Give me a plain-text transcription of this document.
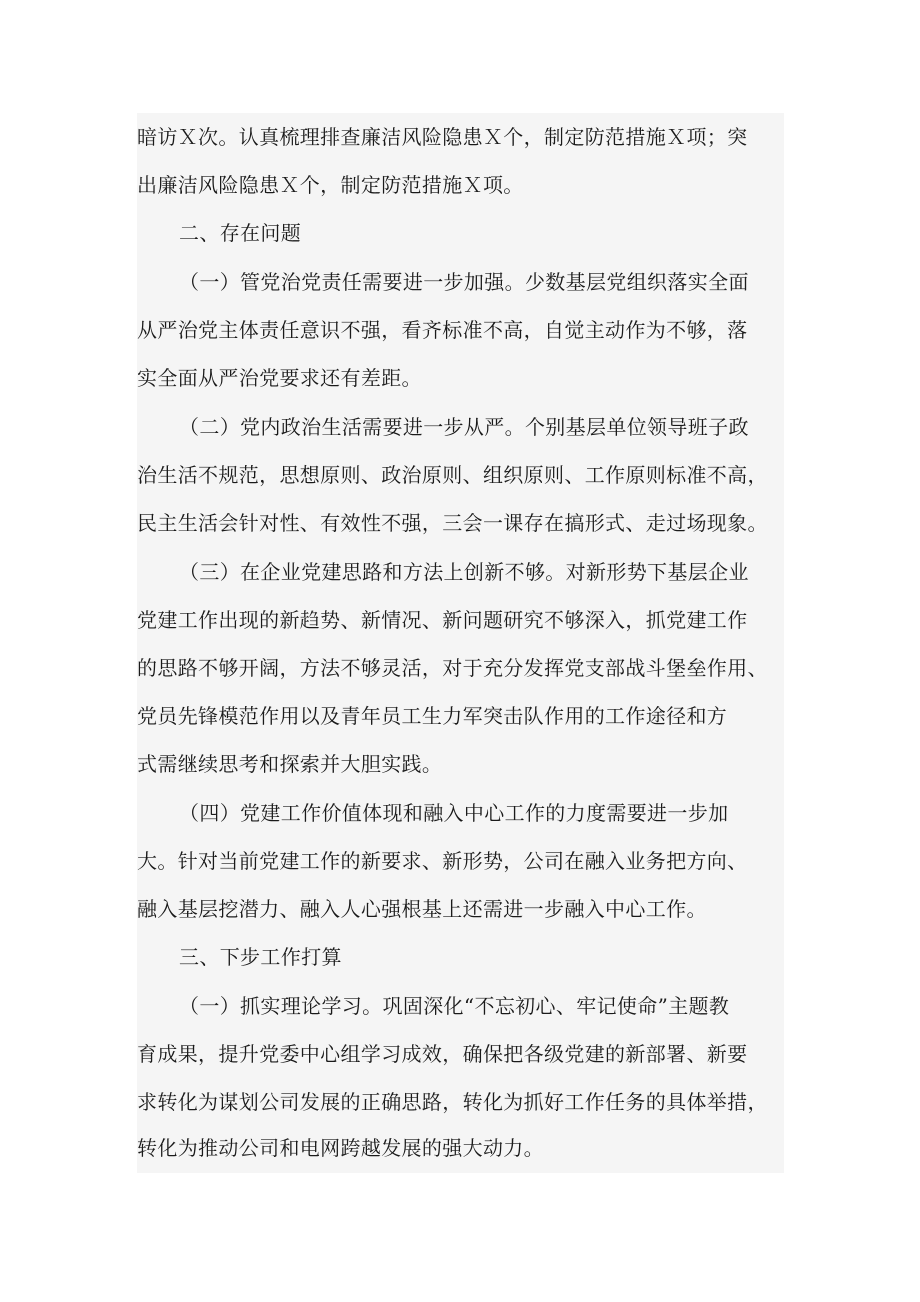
暗访Ｘ次。认真梳理排查廉洁风险隐患Ｘ个，制定防范措施Ｘ项；突
出廉洁风险隐患Ｘ个，制定防范措施Ｘ项。
二、存在问题
（一）管党治党责任需要进一步加强。少数基层党组织落实全面
从严治党主体责任意识不强，看齐标准不高，自觉主动作为不够，落
实全面从严治党要求还有差距。
（二）党内政治生活需要进一步从严。个别基层单位领导班子政
治生活不规范，思想原则、政治原则、组织原则、工作原则标准不高，
民主生活会针对性、有效性不强，三会一课存在搞形式、走过场现象。
（三）在企业党建思路和方法上创新不够。对新形势下基层企业
党建工作出现的新趋势、新情况、新问题研究不够深入，抓党建工作
的思路不够开阔，方法不够灵活，对于充分发挥党支部战斗堡垒作用、
党员先锋模范作用以及青年员工生力军突击队作用的工作途径和方
式需继续思考和探索并大胆实践。
（四）党建工作价值体现和融入中心工作的力度需要进一步加
大。针对当前党建工作的新要求、新形势，公司在融入业务把方向、
融入基层挖潜力、融入人心强根基上还需进一步融入中心工作。
三、下步工作打算
（一）抓实理论学习。巩固深化“不忘初心、牢记使命”主题教
育成果，提升党委中心组学习成效，确保把各级党建的新部署、新要
求转化为谋划公司发展的正确思路，转化为抓好工作任务的具体举措，
转化为推动公司和电网跨越发展的强大动力。
